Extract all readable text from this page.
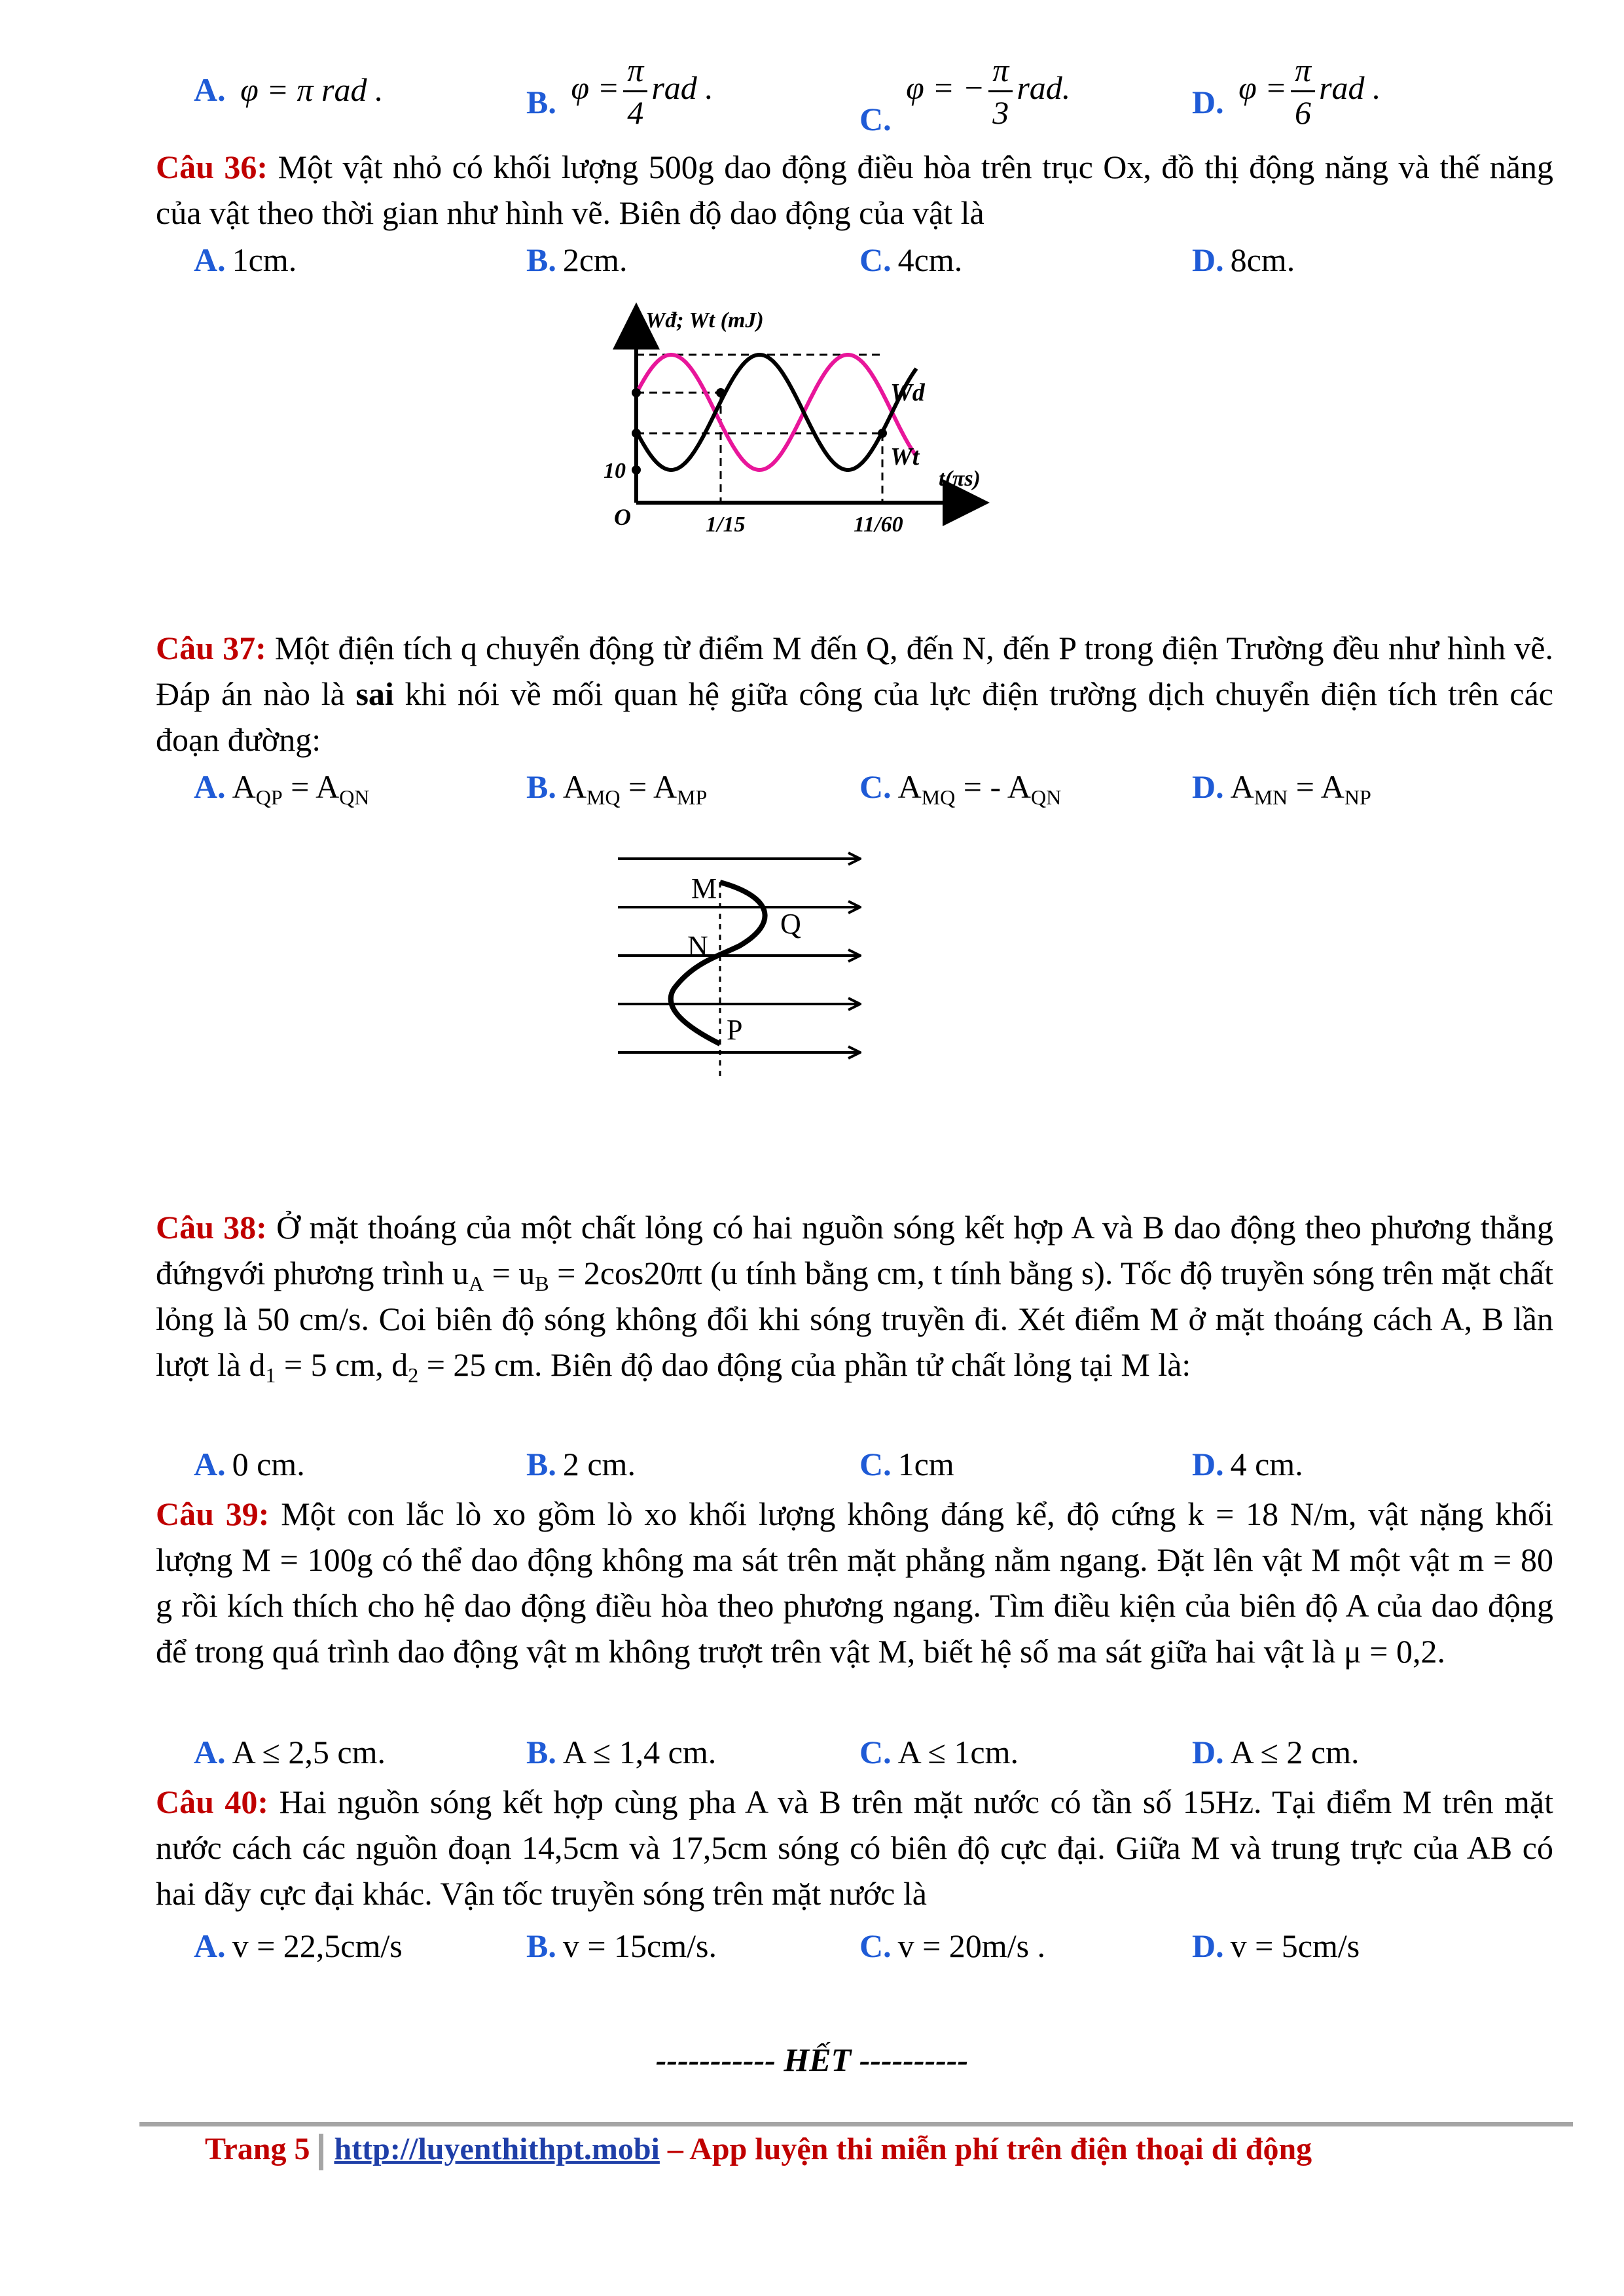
A. φ = π rad .	B. $\varphi = \frac{\pi}{4}$ rad .
C. φ = − $\frac{\pi}{3}$ rad.	D. $\varphi = \frac{\pi}{6}$ rad .
Câu 36: Một vật nhỏ có khối lượng 500g dao động điều hòa trên trục Ox, đồ thị động năng và thế năng của vật theo thời gian như hình vẽ. Biên độ dao động của vật là
A. 1cm.	B. 2cm.	C. 4cm.	D. 8cm.
Wđ; Wt (mJ)
t(πs)
O
10
1/15	11/60
Wd
Wt
Câu 37: Một điện tích q chuyển động từ điểm M đến Q, đến N, đến P trong điện Trường đều như hình vẽ. Đáp án nào là sai khi nói về mối quan hệ giữa công của lực điện trường dịch chuyển điện tích trên các đoạn đường:
A. $A_{QP} = A_{QN}$	B. $A_{MQ} = A_{MP}$	C. $A_{MQ}$ = - $A_{QN}$	D. $A_{MN} = A_{NP}$
M
Q
N
P
Câu 38: Ở mặt thoáng của một chất lỏng có hai nguồn sóng kết hợp A và B dao động theo phương thẳng đứngvới phương trình $u_A = u_B = 2\cos 20\pi t$ (u tính bằng cm, t tính bằng s). Tốc độ truyền sóng trên mặt chất lỏng là 50 cm/s. Coi biên độ sóng không đổi khi sóng truyền đi. Xét điểm M ở mặt thoáng cách A, B lần lượt là $d_1 = 5$ cm, $d_2 = 25$ cm. Biên độ dao động của phần tử chất lỏng tại M là:
A. 0 cm.	B. 2 cm.	C. 1cm	D. 4 cm.
Câu 39: Một con lắc lò xo gồm lò xo khối lượng không đáng kể, độ cứng k = 18 N/m, vật nặng khối lượng M = 100g có thể dao động không ma sát trên mặt phẳng nằm ngang. Đặt lên vật M một vật m = 80 g rồi kích thích cho hệ dao động điều hòa theo phương ngang. Tìm điều kiện của biên độ A của dao động để trong quá trình dao động vật m không trượt trên vật M, biết hệ số ma sát giữa hai vật là μ = 0,2.
A. A ≤ 2,5 cm.	B. A ≤ 1,4 cm.	C. A ≤ 1cm.	D. A ≤ 2 cm.
Câu 40: Hai nguồn sóng kết hợp cùng pha A và B trên mặt nước có tần số 15Hz. Tại điểm M trên mặt nước cách các nguồn đoạn 14,5cm và 17,5cm sóng có biên độ cực đại. Giữa M và trung trực của AB có hai dãy cực đại khác. Vận tốc truyền sóng trên mặt nước là
A. v = 22,5cm/s	B. v = 15cm/s.	C. v = 20m/s .	D. v = 5cm/s
----------- HẾT ----------
Trang 5 http://luyenthithpt.mobi – App luyện thi miễn phí trên điện thoại di động
